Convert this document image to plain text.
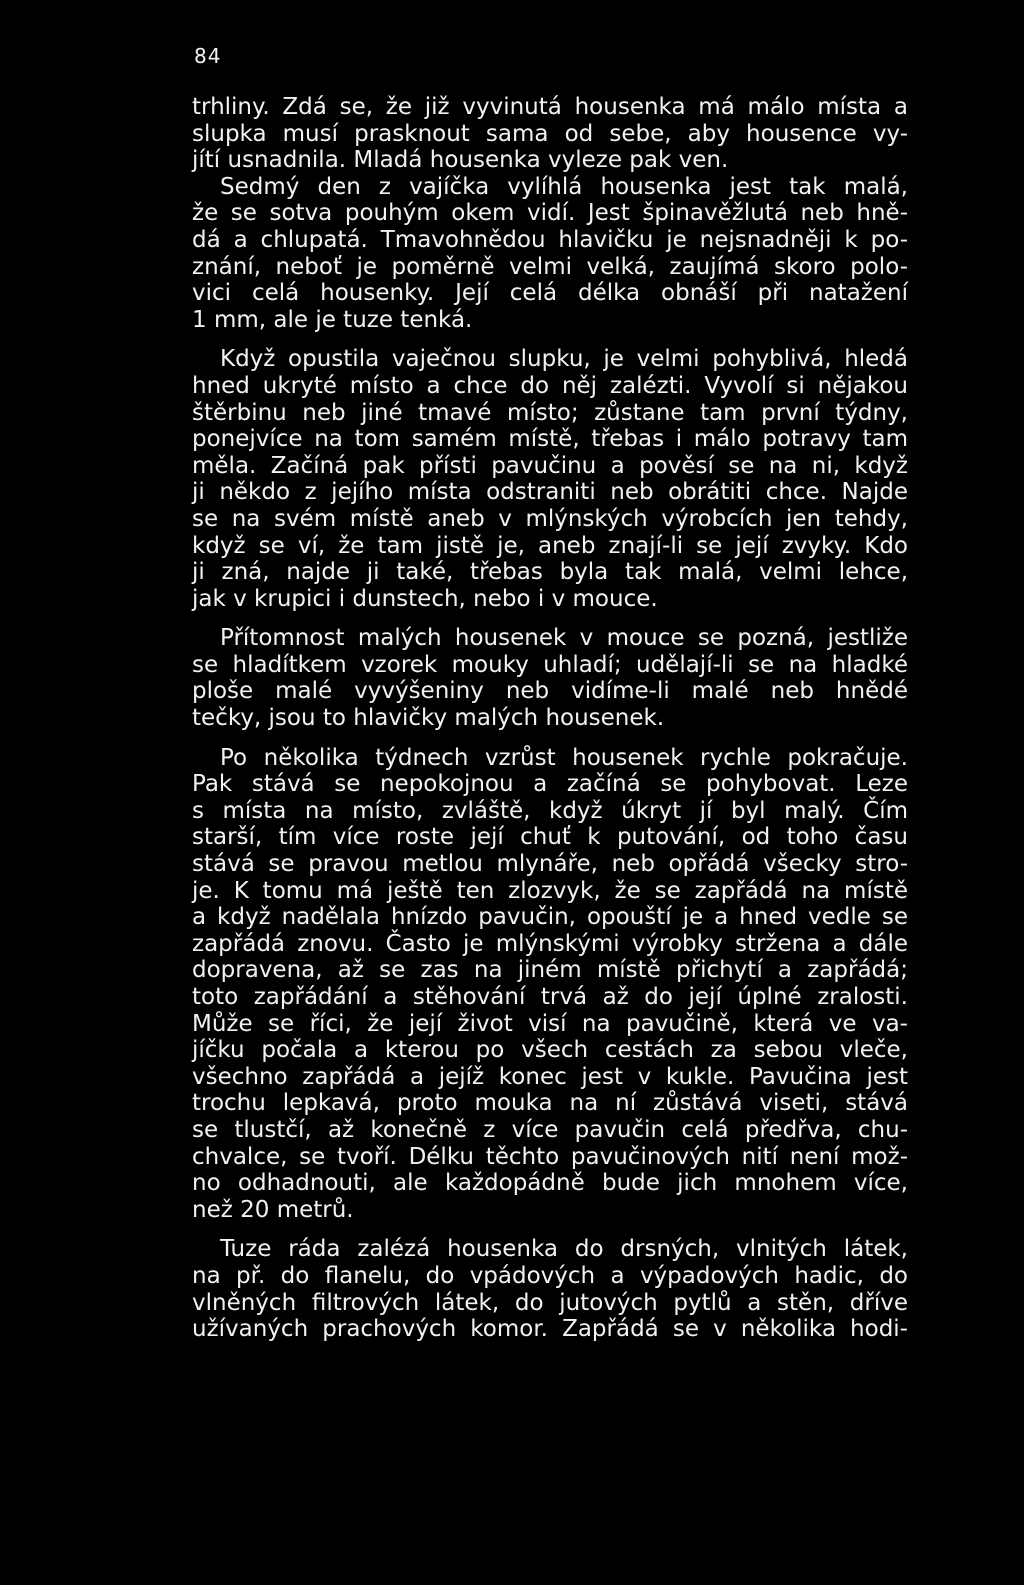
84
trhliny. Zdá se, že již vyvinutá housenka má málo místa a
slupka musí prasknout sama od sebe, aby housence vy-
jítí usnadnila. Mladá housenka vyleze pak ven.
Sedmý den z vajíčka vylíhlá housenka jest tak malá,
že se sotva pouhým okem vidí. Jest špinavěžlutá neb hně-
dá a chlupatá. Tmavohnědou hlavičku je nejsnadněji k po-
znání, neboť je poměrně velmi velká, zaujímá skoro polo-
vici celá housenky. Její celá délka obnáší při natažení
1 mm, ale je tuze tenká.
Když opustila vaječnou slupku, je velmi pohyblivá, hledá
hned ukryté místo a chce do něj zalézti. Vyvolí si nějakou
štěrbinu neb jiné tmavé místo; zůstane tam první týdny,
ponejvíce na tom samém místě, třebas i málo potravy tam
měla. Začíná pak přísti pavučinu a pověsí se na ni, když
ji někdo z jejího místa odstraniti neb obrátiti chce. Najde
se na svém místě aneb v mlýnských výrobcích jen tehdy,
když se ví, že tam jistě je, aneb znají-li se její zvyky. Kdo
ji zná, najde ji také, třebas byla tak malá, velmi lehce,
jak v krupici i dunstech, nebo i v mouce.
Přítomnost malých housenek v mouce se pozná, jestliže
se hladítkem vzorek mouky uhladí; udělají-li se na hladké
ploše malé vyvýšeniny neb vidíme-li malé neb hnědé
tečky, jsou to hlavičky malých housenek.
Po několika týdnech vzrůst housenek rychle pokračuje.
Pak stává se nepokojnou a začíná se pohybovat. Leze
s místa na místo, zvláště, když úkryt jí byl malý. Čím
starší, tím více roste její chuť k putování, od toho času
stává se pravou metlou mlynáře, neb opřádá všecky stro-
je. K tomu má ještě ten zlozvyk, že se zapřádá na místě
a když nadělala hnízdo pavučin, opouští je a hned vedle se
zapřádá znovu. Často je mlýnskými výrobky stržena a dále
dopravena, až se zas na jiném místě přichytí a zapřádá;
toto zapřádání a stěhování trvá až do její úplné zralosti.
Může se říci, že její život visí na pavučině, která ve va-
jíčku počala a kterou po všech cestách za sebou vleče,
všechno zapřádá a jejíž konec jest v kukle. Pavučina jest
trochu lepkavá, proto mouka na ní zůstává viseti, stává
se tlustčí, až konečně z více pavučin celá předřva, chu-
chvalce, se tvoří. Délku těchto pavučinových nití není mož-
no odhadnouti, ale každopádně bude jich mnohem více,
než 20 metrů.
Tuze ráda zalézá housenka do drsných, vlnitých látek,
na př. do flanelu, do vpádových a výpadových hadic, do
vlněných filtrových látek, do jutových pytlů a stěn, dříve
užívaných prachových komor. Zapřádá se v několika hodi-
